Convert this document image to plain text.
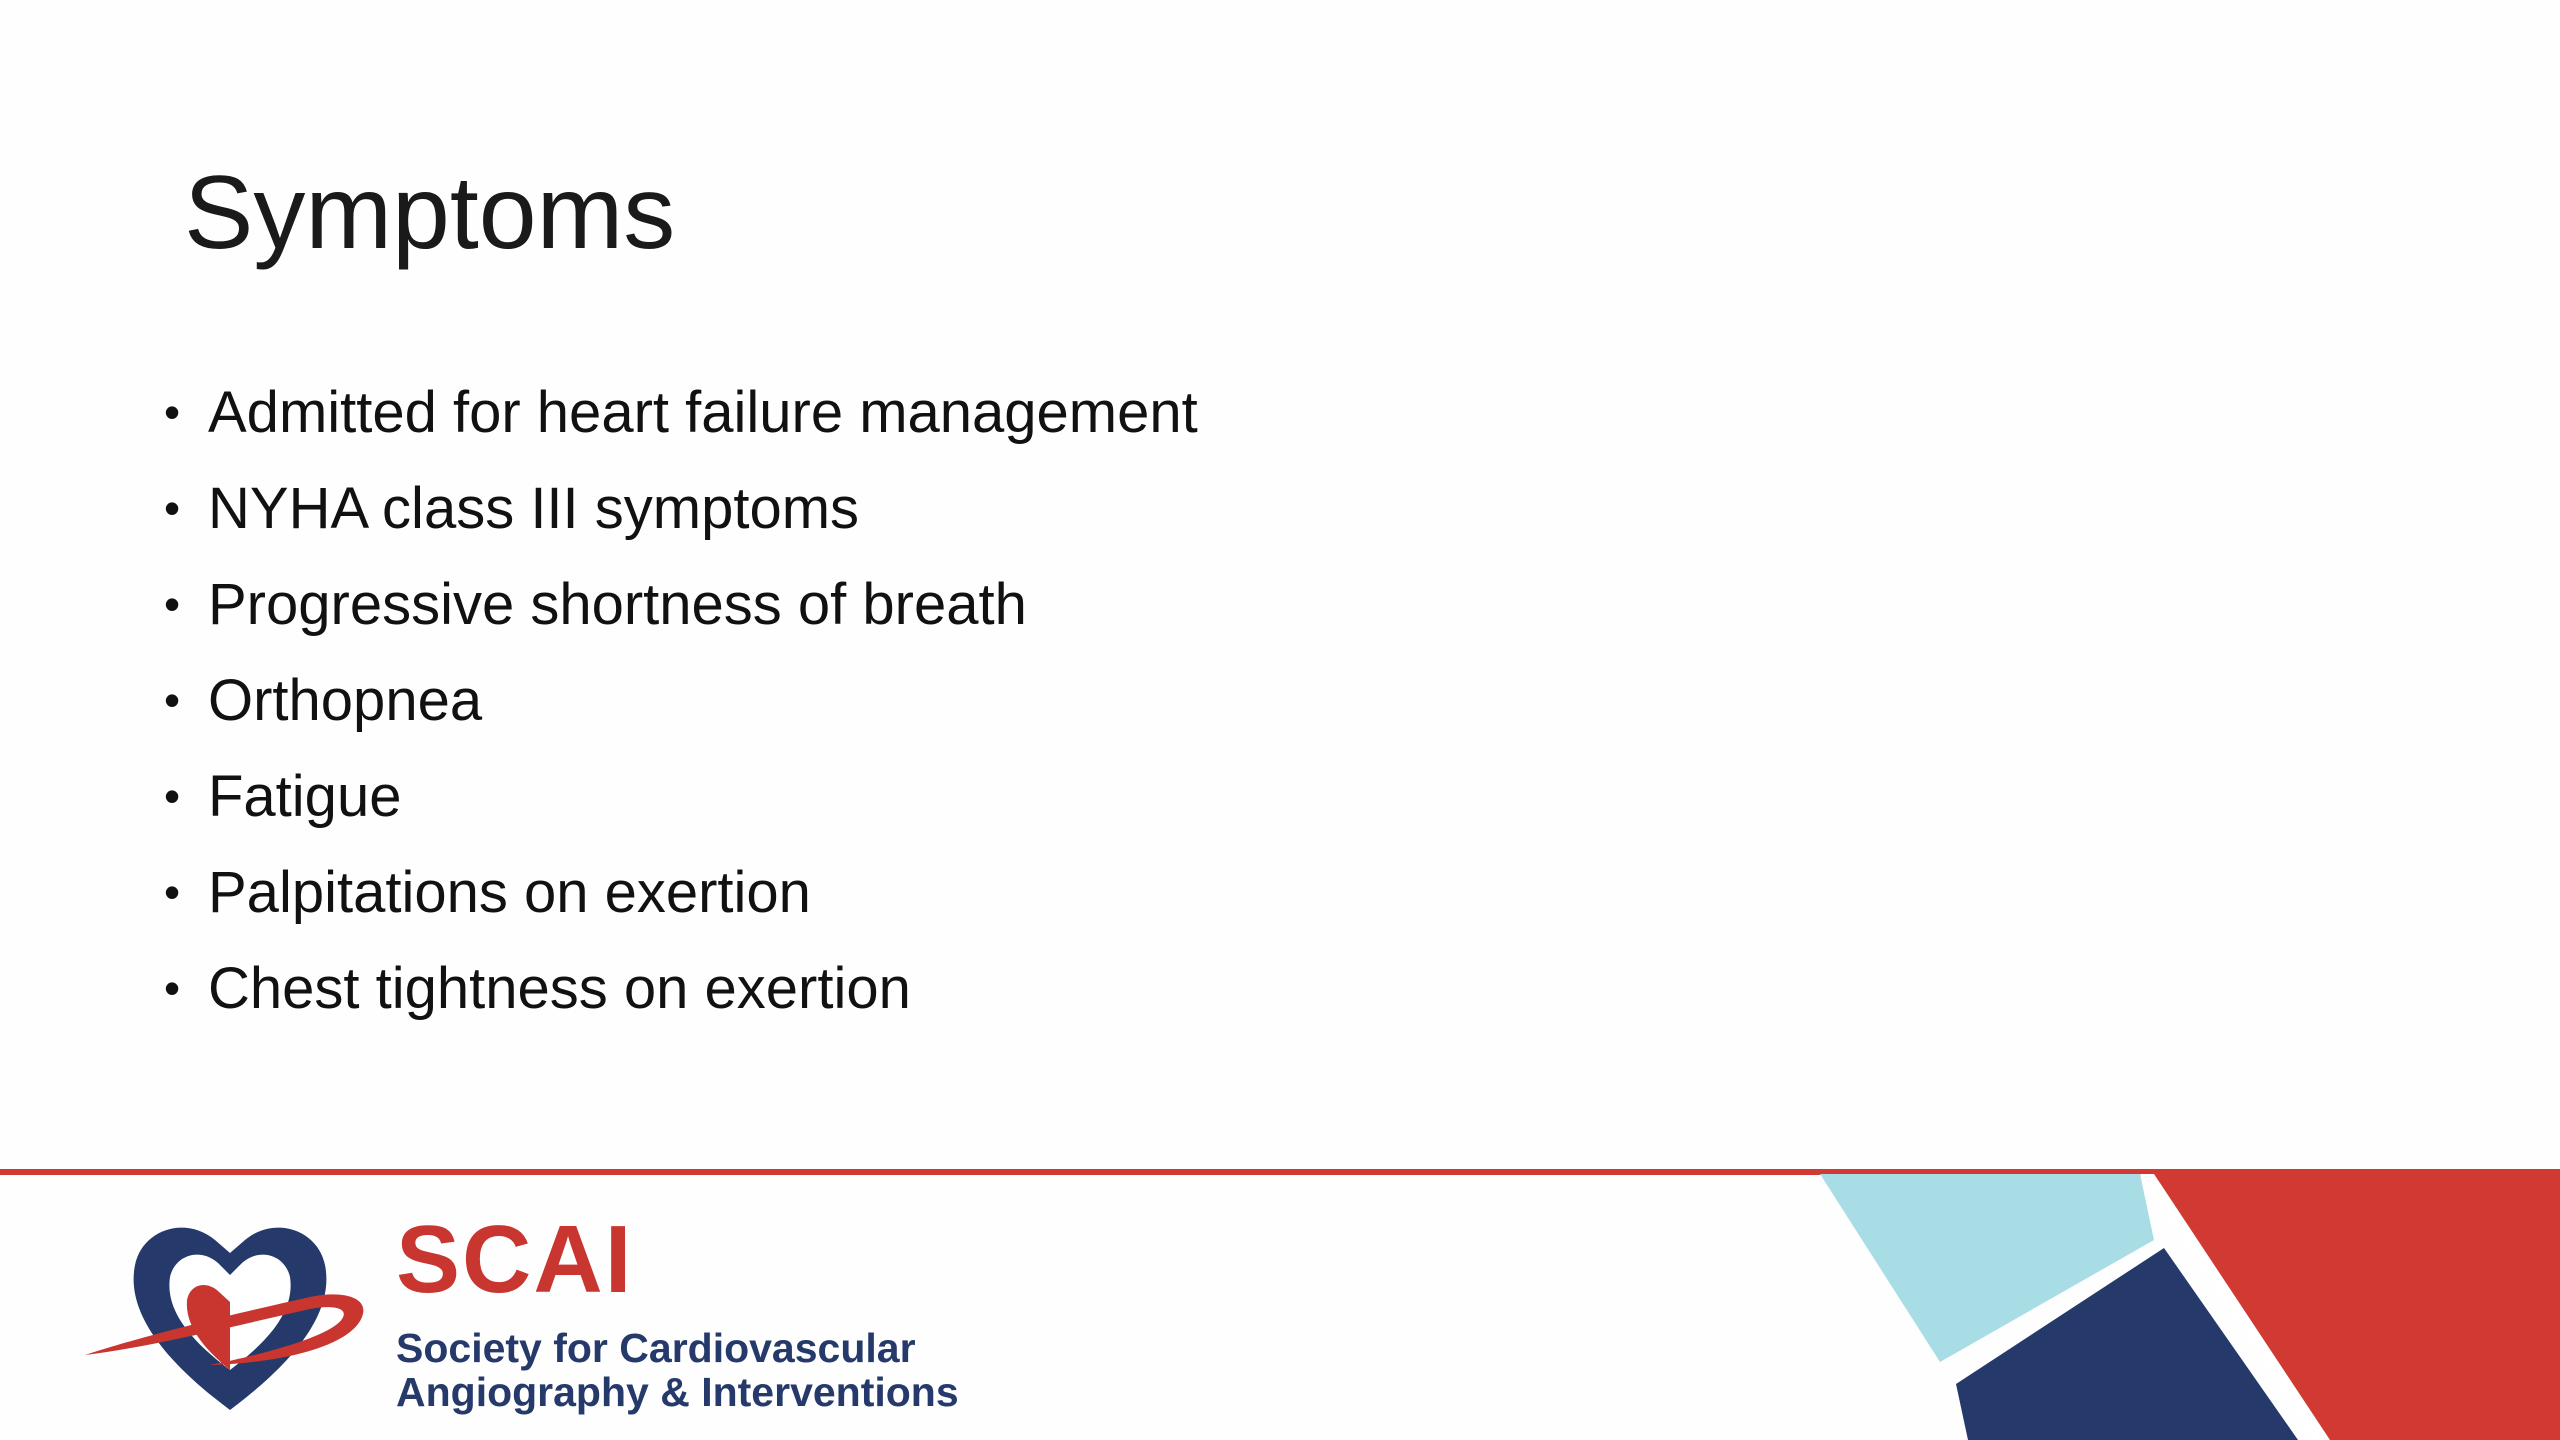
Symptoms
• Admitted for heart failure management
• NYHA class III symptoms
• Progressive shortness of breath
• Orthopnea
• Fatigue
• Palpitations on exertion
• Chest tightness on exertion
SCAI
Society for Cardiovascular
Angiography & Interventions
